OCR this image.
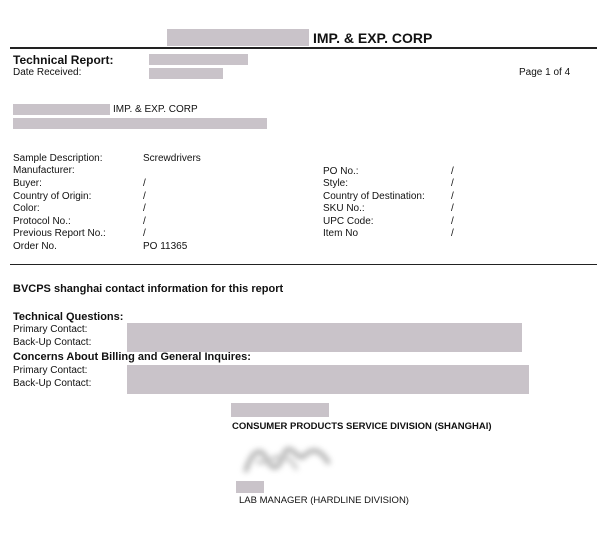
IMP. & EXP. CORP
Technical Report:
Date Received:	Page 1 of 4
IMP. & EXP. CORP
Sample Description:	Screwdrivers
Manufacturer:
Buyer:	/
Country of Origin:	/
Color:	/
Protocol No.:	/
Previous Report No.:	/
Order No.	PO 11365
PO No.:	/
Style:	/
Country of Destination:	/
SKU No.:	/
UPC Code:	/
Item No	/
BVCPS shanghai contact information for this report
Technical Questions:
Primary Contact:
Back-Up Contact:
Concerns About Billing and General Inquires:
Primary Contact:
Back-Up Contact:
CONSUMER PRODUCTS SERVICE DIVISION (SHANGHAI)
LAB MANAGER (HARDLINE DIVISION)
